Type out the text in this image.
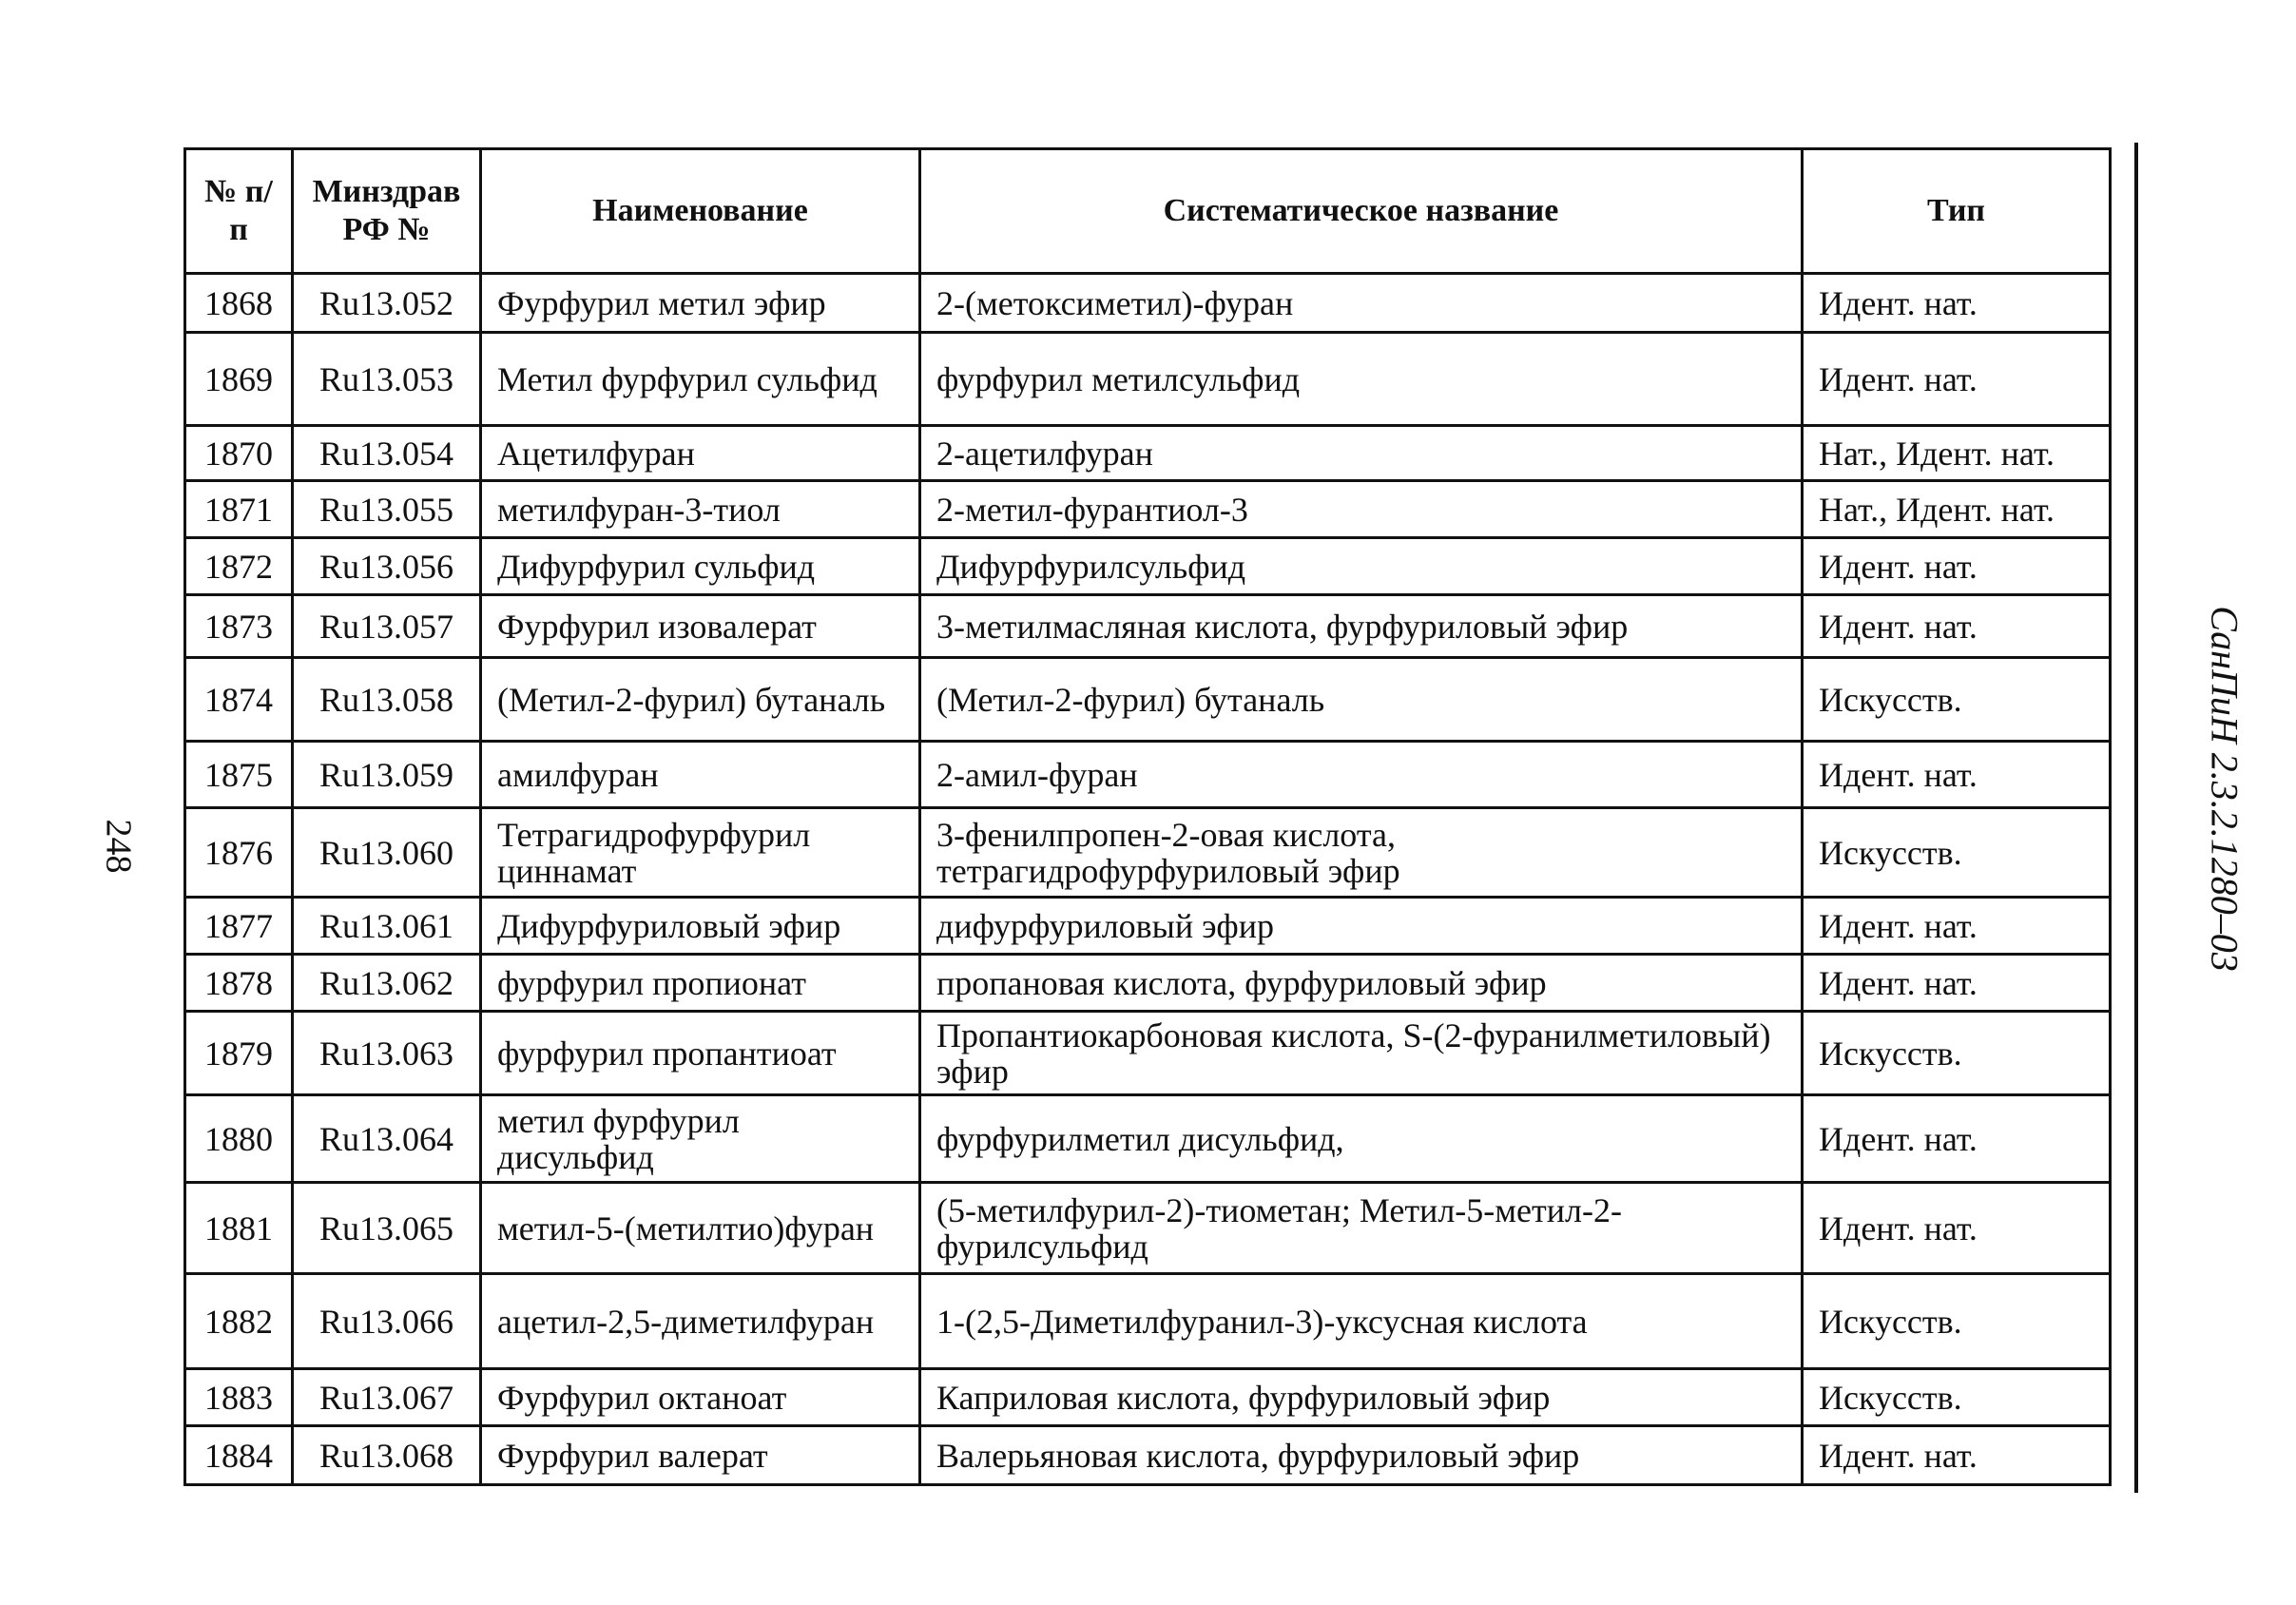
248	СанПиН 2.3.2.1280–03
№ п/п	Минздрав РФ №	Наименование	Систематическое название	Тип
1868	Ru13.052	Фурфурил метил эфир	2-(метоксиметил)-фуран	Идент. нат.
1869	Ru13.053	Метил фурфурил сульфид	фурфурил метилсульфид	Идент. нат.
1870	Ru13.054	Ацетилфуран	2-ацетилфуран	Нат., Идент. нат.
1871	Ru13.055	метилфуран-3-тиол	2-метил-фурантиол-3	Нат., Идент. нат.
1872	Ru13.056	Дифурфурил сульфид	Дифурфурилсульфид	Идент. нат.
1873	Ru13.057	Фурфурил изовалерат	3-метилмасляная кислота, фурфуриловый эфир	Идент. нат.
1874	Ru13.058	(Метил-2-фурил) бутаналь	(Метил-2-фурил) бутаналь	Искусств.
1875	Ru13.059	амилфуран	2-амил-фуран	Идент. нат.
1876	Ru13.060	Тетрагидрофурфурил циннамат	3-фенилпропен-2-овая кислота, тетрагидрофурфуриловый эфир	Искусств.
1877	Ru13.061	Дифурфуриловый эфир	дифурфуриловый эфир	Идент. нат.
1878	Ru13.062	фурфурил пропионат	пропановая кислота, фурфуриловый эфир	Идент. нат.
1879	Ru13.063	фурфурил пропантиоат	Пропантиокарбоновая кислота, S-(2-фуранилметиловый) эфир	Искусств.
1880	Ru13.064	метил фурфурил дисульфид	фурфурилметил дисульфид,	Идент. нат.
1881	Ru13.065	метил-5-(метилтио)фуран	(5-метилфурил-2)-тиометан; Метил-5-метил-2-фурилсульфид	Идент. нат.
1882	Ru13.066	ацетил-2,5-диметилфуран	1-(2,5-Диметилфуранил-3)-уксусная кислота	Искусств.
1883	Ru13.067	Фурфурил октаноат	Каприловая кислота, фурфуриловый эфир	Искусств.
1884	Ru13.068	Фурфурил валерат	Валерьяновая кислота, фурфуриловый эфир	Идент. нат.
